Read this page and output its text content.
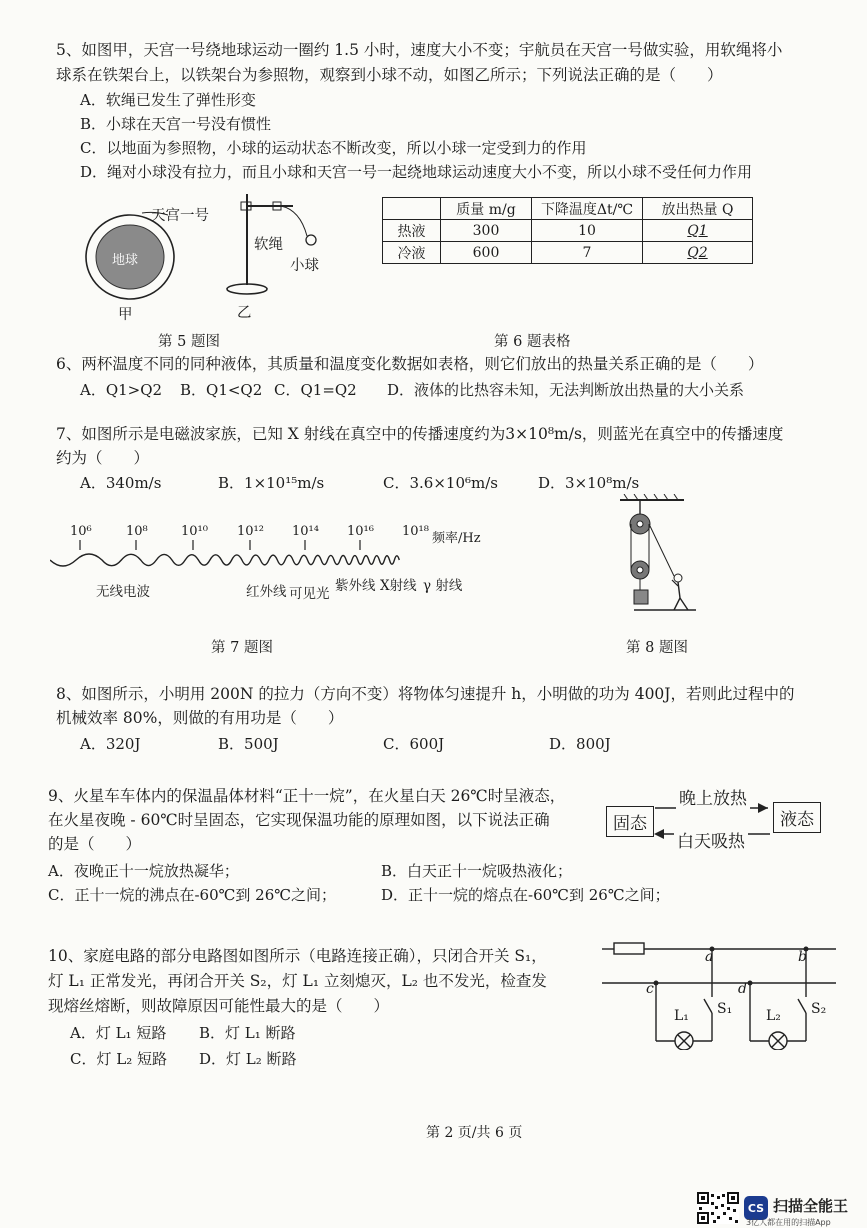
5、如图甲，天宫一号绕地球运动一圈约 1.5 小时，速度大小不变；宇航员在天宫一号做实验，用软绳将小
球系在铁架台上，以铁架台为参照物，观察到小球不动，如图乙所示；下列说法正确的是（　　）
A．软绳已发生了弹性形变
B．小球在天宫一号没有惯性
C．以地面为参照物，小球的运动状态不断改变，所以小球一定受到力的作用
D．绳对小球没有拉力，而且小球和天宫一号一起绕地球运动速度大小不变，所以小球不受任何力作用
天宫一号
地球
甲
软绳
小球
乙
第 5 题图
	质量 m/g	下降温度Δt/℃	放出热量 Q
热液	300	10	Q1
冷液	600	7	Q2
第 6 题表格
6、两杯温度不同的同种液体，其质量和温度变化数据如表格，则它们放出的热量关系正确的是（　　）
A．Q1>Q2 B．Q1<Q2 C．Q1=Q2 D．液体的比热容未知，无法判断放出热量的大小关系
7、如图所示是电磁波家族，已知 X 射线在真空中的传播速度约为3×10⁸m/s，则蓝光在真空中的传播速度
约为（　　）
A．340m/s	B．1×10¹⁵m/s	C．3.6×10⁶m/s	D．3×10⁸m/s
10⁶	10⁸	10¹⁰ 10¹² 10¹⁴ 10¹⁶ 10¹⁸ 频率/Hz
无线电波	红外线 可见光 紫外线 X射线 γ 射线
第 7 题图	第 8 题图
8、如图所示，小明用 200N 的拉力（方向不变）将物体匀速提升 h，小明做的功为 400J，若则此过程中的
机械效率 80%，则做的有用功是（　　）
A．320J	B．500J	C．600J	D．800J
9、火星车车体内的保温晶体材料“正十一烷”，在火星白天 26℃时呈液态，
在火星夜晚 - 60℃时呈固态，它实现保温功能的原理如图，以下说法正确
的是（　　）
A．夜晚正十一烷放热凝华；	B．白天正十一烷吸热液化；
C．正十一烷的沸点在-60℃到 26℃之间；	D．正十一烷的熔点在-60℃到 26℃之间；
固态	液态
晚上放热
白天吸热
10、家庭电路的部分电路图如图所示（电路连接正确），只闭合开关 S₁，
灯 L₁ 正常发光，再闭合开关 S₂，灯 L₁ 立刻熄灭，L₂ 也不发光，检查发
现熔丝熔断，则故障原因可能性最大的是（　　）
A．灯 L₁ 短路 B．灯 L₁ 断路
C．灯 L₂ 短路 D．灯 L₂ 断路
a	b
c	d
L₁	L₂
S₁	S₂
第 2 页/共 6 页
CS 扫描全能王
3亿人都在用的扫描App
